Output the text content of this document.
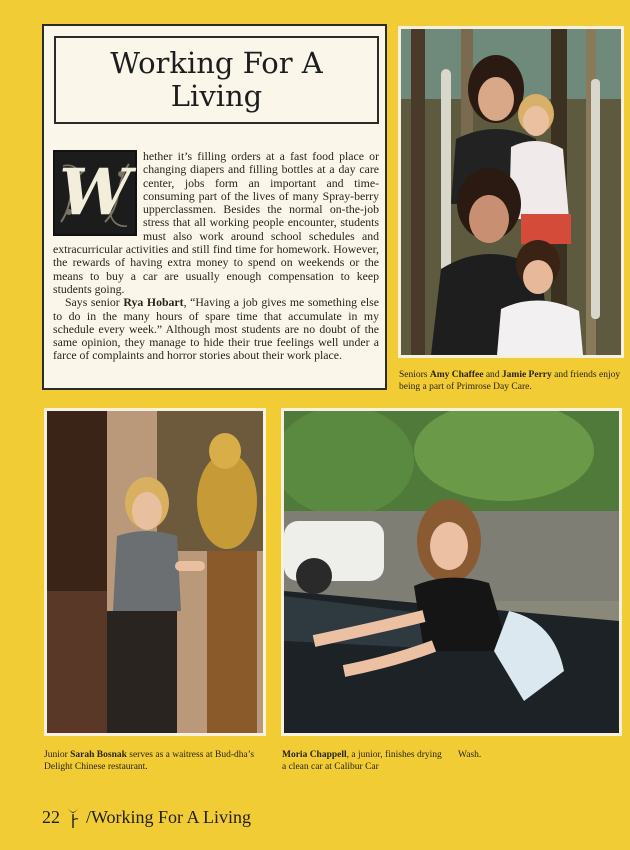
Working For A Living
W	hether it’s filling orders at a fast food place or changing diapers and filling bottles at a day care center, jobs form an important and time-consuming part of the lives of many Spray-berry upperclassmen. Besides the normal on-the-job stress that all working people encounter, students must also work around school schedules and extracurricular activities and still find time for homework. However, the rewards of having extra money to spend on weekends or the means to buy a car are usually enough compensation to keep students going.

Says senior Rya Hobart, “Having a job gives me something else to do in the many hours of spare time that accumulate in my schedule every week.” Although most students are no doubt of the same opinion, they manage to hide their true feelings well under a farce of complaints and horror stories about their work place.

Seniors Amy Chaffee and Jamie Perry and friends enjoy being a part of Primrose Day Care.
Junior Sarah Bosnak serves as a waitress at Bud-dha’s Delight Chinese restaurant.
Moria Chappell, a junior, finishes drying a clean car at Calibur Car
Wash.
22 /Working For A Living
